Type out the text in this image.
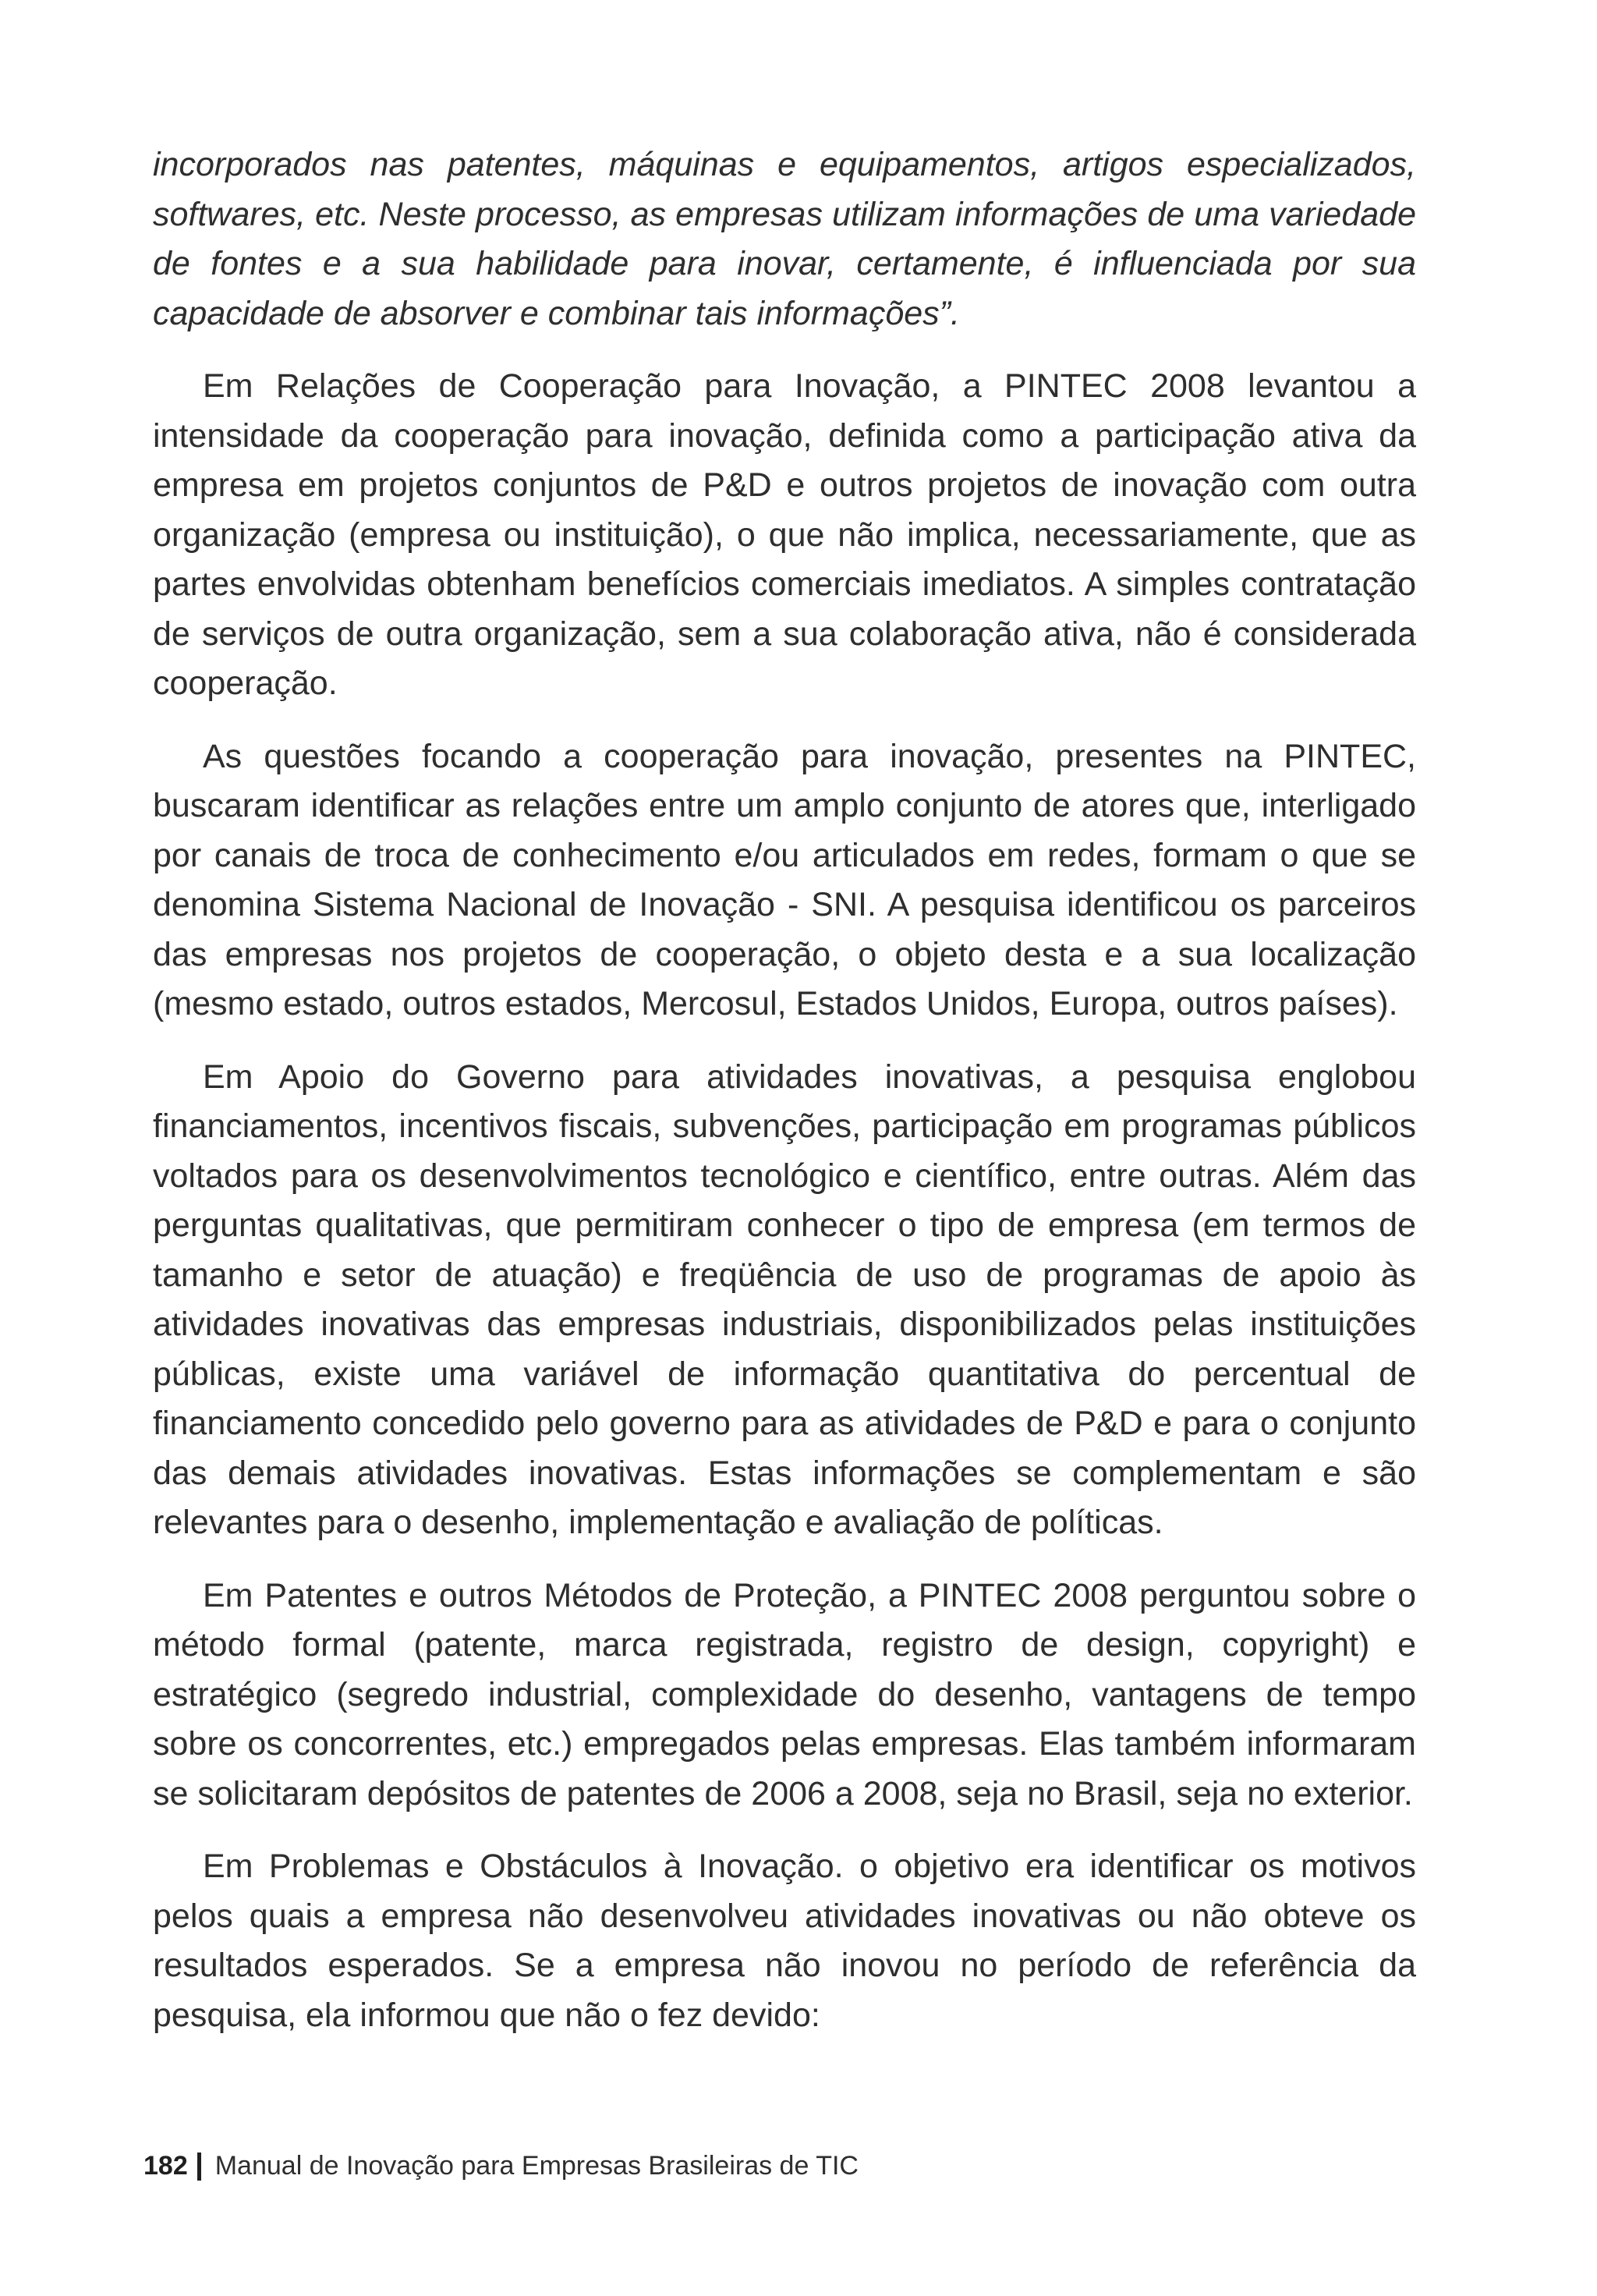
incorporados nas patentes, máquinas e equipamentos, artigos especializados, softwares, etc. Neste processo, as empresas utilizam informações de uma variedade de fontes e a sua habilidade para inovar, certamente, é influenciada por sua capacidade de absorver e combinar tais informações”.

Em Relações de Cooperação para Inovação, a PINTEC 2008 levantou a intensidade da cooperação para inovação, definida como a participação ativa da empresa em projetos conjuntos de P&D e outros projetos de inovação com outra organização (empresa ou instituição), o que não implica, necessariamente, que as partes envolvidas obtenham benefícios comerciais imediatos. A simples contratação de serviços de outra organização, sem a sua colaboração ativa, não é considerada cooperação.

As questões focando a cooperação para inovação, presentes na PINTEC, buscaram identificar as relações entre um amplo conjunto de atores que, interligado por canais de troca de conhecimento e/ou articulados em redes, formam o que se denomina Sistema Nacional de Inovação - SNI. A pesquisa identificou os parceiros das empresas nos projetos de cooperação, o objeto desta e a sua localização (mesmo estado, outros estados, Mercosul, Estados Unidos, Europa, outros países).

Em Apoio do Governo para atividades inovativas, a pesquisa englobou financiamentos, incentivos fiscais, subvenções, participação em programas públicos voltados para os desenvolvimentos tecnológico e científico, entre outras. Além das perguntas qualitativas, que permitiram conhecer o tipo de empresa (em termos de tamanho e setor de atuação) e freqüência de uso de programas de apoio às atividades inovativas das empresas industriais, disponibilizados pelas instituições públicas, existe uma variável de informação quantitativa do percentual de financiamento concedido pelo governo para as atividades de P&D e para o conjunto das demais atividades inovativas. Estas informações se complementam e são relevantes para o desenho, implementação e avaliação de políticas.

Em Patentes e outros Métodos de Proteção, a PINTEC 2008 perguntou sobre o método formal (patente, marca registrada, registro de design, copyright) e estratégico (segredo industrial, complexidade do desenho, vantagens de tempo sobre os concorrentes, etc.) empregados pelas empresas. Elas também informaram se solicitaram depósitos de patentes de 2006 a 2008, seja no Brasil, seja no exterior.

Em Problemas e Obstáculos à Inovação. o objetivo era identificar os motivos pelos quais a empresa não desenvolveu atividades inovativas ou não obteve os resultados esperados. Se a empresa não inovou no período de referência da pesquisa, ela informou que não o fez devido:

182 Manual de Inovação para Empresas Brasileiras de TIC
